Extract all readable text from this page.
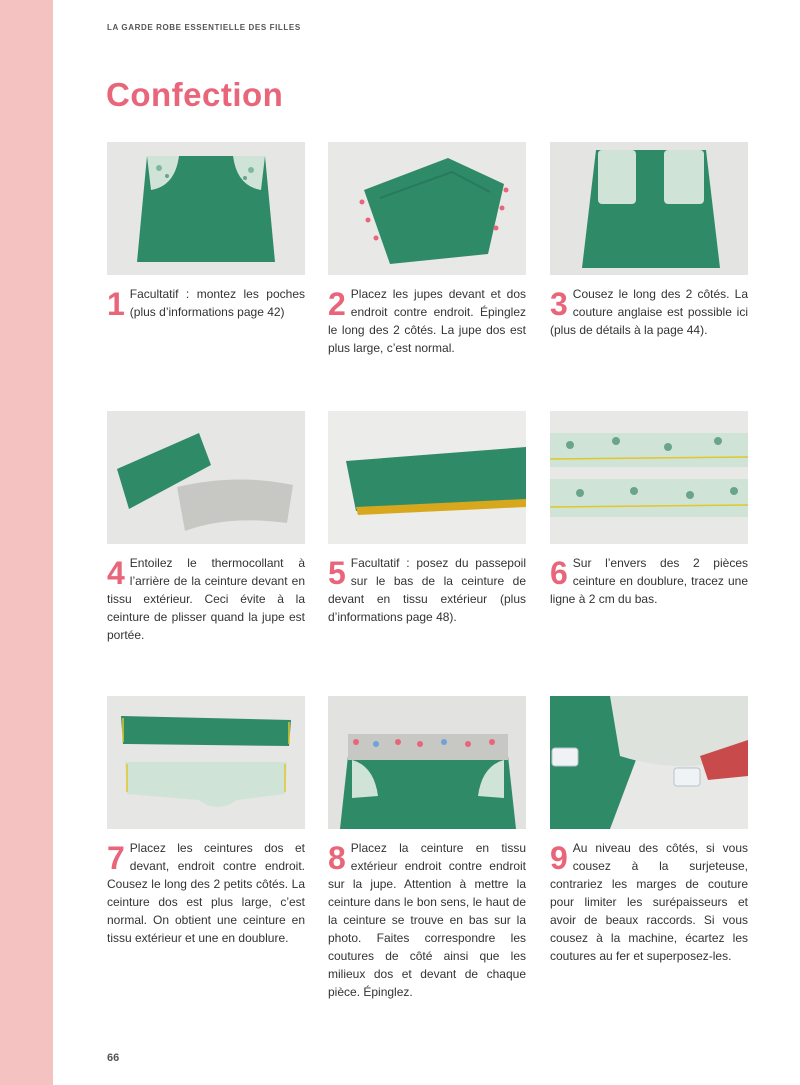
LA GARDE ROBE ESSENTIELLE DES FILLES
Confection
1 Facultatif : montez les poches (plus d’informations page 42)	2 Placez les jupes devant et dos endroit contre endroit. Épinglez le long des 2 côtés. La jupe dos est plus large, c’est normal.

3 Cousez le long des 2 côtés. La couture anglaise est possible ici (plus de détails à la page 44).

4 Entoilez le thermocollant à l’arrière de la ceinture devant en tissu extérieur. Ceci évite à la ceinture de plisser quand la jupe est portée.

5 Facultatif : posez du passepoil sur le bas de la ceinture de devant en tissu extérieur (plus d’informations page 48).

6 Sur l’envers des 2 pièces ceinture en doublure, tracez une ligne à 2 cm du bas.

7 Placez les ceintures dos et devant, endroit contre endroit. Cousez le long des 2 petits côtés. La ceinture dos est plus large, c’est normal. On obtient une ceinture en tissu extérieur et une en doublure.

8 Placez la ceinture en tissu extérieur endroit contre endroit sur la jupe. Attention à mettre la ceinture dans le bon sens, le haut de la ceinture se trouve en bas sur la photo. Faites correspondre les coutures de côté ainsi que les milieux dos et devant de chaque pièce. Épinglez.

9 Au niveau des côtés, si vous cousez à la surjeteuse, contrariez les marges de couture pour limiter les surépaisseurs et avoir de beaux raccords. Si vous cousez à la machine, écartez les coutures au fer et superposez-les.

66
